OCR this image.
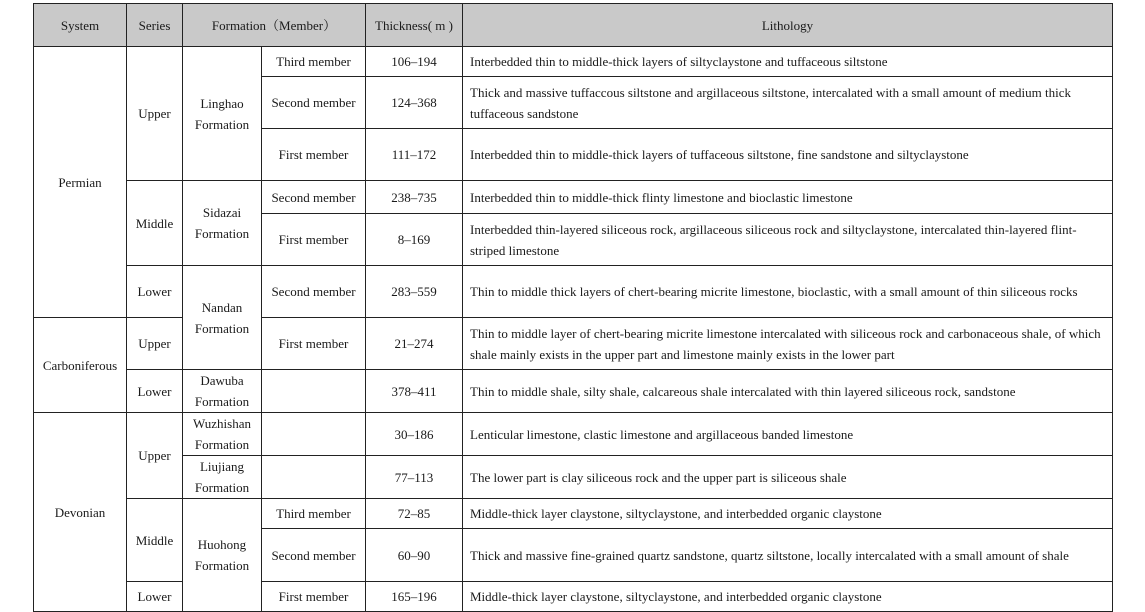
System	Series	Formation（Member）		Thickness( m )	Lithology
Permian	Upper	Linghao Formation	Third member	106–194	Interbedded thin to middle-thick layers of siltyclaystone and tuffaceous siltstone
			Second member	124–368	Thick and massive tuffaccous siltstone and argillaceous siltstone, intercalated with a small amount of medium thick tuffaceous sandstone
			First member	111–172	Interbedded thin to middle-thick layers of tuffaceous siltstone, fine sandstone and siltyclaystone
	Middle	Sidazai Formation	Second member	238–735	Interbedded thin to middle-thick flinty limestone and bioclastic limestone
			First member	8–169	Interbedded thin-layered siliceous rock, argillaceous siliceous rock and siltyclaystone, intercalated thin-layered flint-striped limestone
	Lower	Nandan Formation	Second member	283–559	Thin to middle thick layers of chert-bearing micrite limestone, bioclastic, with a small amount of thin siliceous rocks
Carboniferous	Upper		First member	21–274	Thin to middle layer of chert-bearing micrite limestone intercalated with siliceous rock and carbonaceous shale, of which shale mainly exists in the upper part and limestone mainly exists in the lower part
	Lower	Dawuba Formation		378–411	Thin to middle shale, silty shale, calcareous shale intercalated with thin layered siliceous rock, sandstone
Devonian	Upper	Wuzhishan Formation		30–186	Lenticular limestone, clastic limestone and argillaceous banded limestone
		Liujiang Formation		77–113	The lower part is clay siliceous rock and the upper part is siliceous shale
	Middle	Huohong Formation	Third member	72–85	Middle-thick layer claystone, siltyclaystone, and interbedded organic claystone
			Second member	60–90	Thick and massive fine-grained quartz sandstone, quartz siltstone, locally intercalated with a small amount of shale
	Lower		First member	165–196	Middle-thick layer claystone, siltyclaystone, and interbedded organic claystone
